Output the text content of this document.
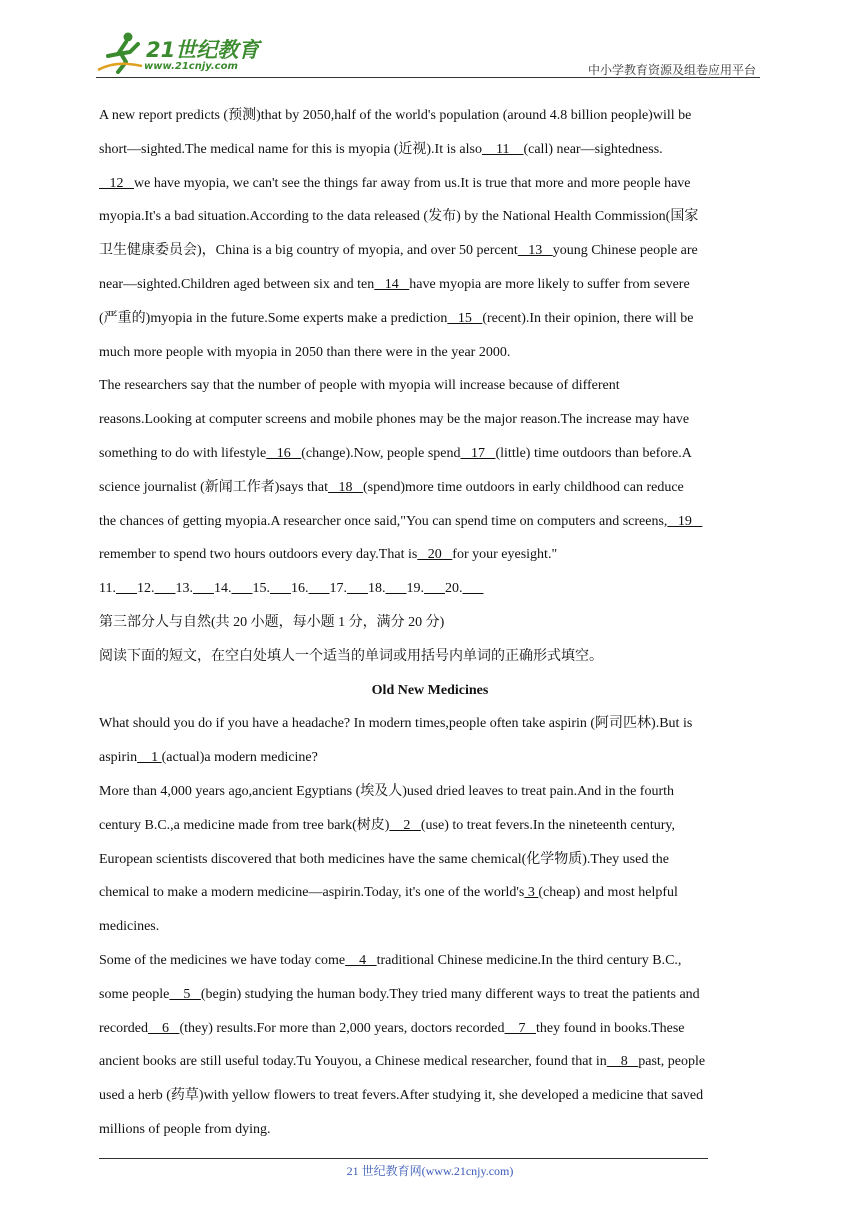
21世纪教育
www.21cnjy.com	中小学教育资源及组卷应用平台
A new report predicts (预测)that by 2050,half of the world's population (around 4.8 billion people)will be
short—sighted.The medical name for this is myopia (近视).It is also    11    (call) near—sightedness.
12   we have myopia, we can't see the things far away from us.It is true that more and more people have
myopia.It's a bad situation.According to the data released (发布) by the National Health Commission(国家
卫生健康委员会)，China is a big country of myopia, and over 50 percent   13   young Chinese people are
near—sighted.Children aged between six and ten   14   have myopia are more likely to suffer from severe
(严重的)myopia in the future.Some experts make a prediction   15   (recent).In their opinion, there will be
much more people with myopia in 2050 than there were in the year 2000.
The researchers say that the number of people with myopia will increase because of different
reasons.Looking at computer screens and mobile phones may be the major reason.The increase may have
something to do with lifestyle   16   (change).Now, people spend   17   (little) time outdoors than before.A
science journalist (新闻工作者)says that   18   (spend)more time outdoors in early childhood can reduce
the chances of getting myopia.A researcher once said,"You can spend time on computers and screens,   19
remember to spend two hours outdoors every day.That is   20   for your eyesight."
11. 12. 13. 14. 15. 16. 17. 18. 19. 20.
第三部分人与自然(共 20 小题，每小题 1 分，满分 20 分)
阅读下面的短文，在空白处填人一个适当的单词或用括号内单词的正确形式填空。
Old New Medicines
What should you do if you have a headache? In modern times,people often take aspirin (阿司匹林).But is
aspirin    1 (actual)a modern medicine?
More than 4,000 years ago,ancient Egyptians (埃及人)used dried leaves to treat pain.And in the fourth
century B.C.,a medicine made from tree bark(树皮)    2   (use) to treat fevers.In the nineteenth century,
European scientists discovered that both medicines have the same chemical(化学物质).They used the
chemical to make a modern medicine—aspirin.Today, it's one of the world's 3 (cheap) and most helpful
medicines.
Some of the medicines we have today come    4   traditional Chinese medicine.In the third century B.C.,
some people    5   (begin) studying the human body.They tried many different ways to treat the patients and
recorded    6   (they) results.For more than 2,000 years, doctors recorded    7   they found in books.These
ancient books are still useful today.Tu Youyou, a Chinese medical researcher, found that in    8   past, people
used a herb (药草)with yellow flowers to treat fevers.After studying it, she developed a medicine that saved
millions of people from dying.
21 世纪教育网(www.21cnjy.com)
